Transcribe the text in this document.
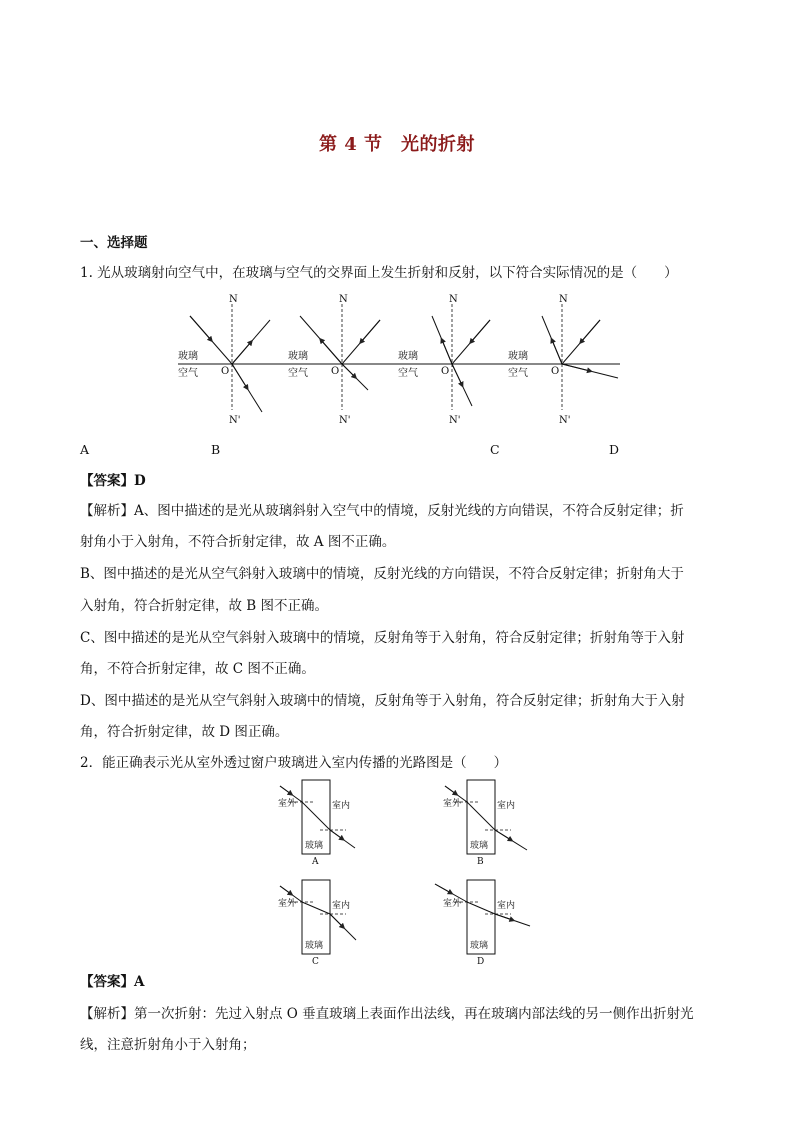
第 4 节　光的折射
一、选择题
1. 光从玻璃射向空气中，在玻璃与空气的交界面上发生折射和反射，以下符合实际情况的是（　　）
N
N'
O
玻璃
空气
N
N'
O
玻璃
空气
N
N'
O
玻璃
空气
N
N'
O
玻璃
空气
A	B	C	D
【答案】D
【解析】A、图中描述的是光从玻璃斜射入空气中的情境，反射光线的方向错误，不符合反射定律；折
射角小于入射角，不符合折射定律，故 A 图不正确。
B、图中描述的是光从空气斜射入玻璃中的情境，反射光线的方向错误，不符合反射定律；折射角大于
入射角，符合折射定律，故 B 图不正确。
C、图中描述的是光从空气斜射入玻璃中的情境，反射角等于入射角，符合反射定律；折射角等于入射
角，不符合折射定律，故 C 图不正确。
D、图中描述的是光从空气斜射入玻璃中的情境，反射角等于入射角，符合反射定律；折射角大于入射
角，符合折射定律，故 D 图正确。
2．能正确表示光从室外透过窗户玻璃进入室内传播的光路图是（　　）
室外	室内
玻璃
A
室外	室内
玻璃
B
室外	室内
玻璃
C
室外	室内
玻璃
D
【答案】A
【解析】第一次折射：先过入射点 O 垂直玻璃上表面作出法线，再在玻璃内部法线的另一侧作出折射光
线，注意折射角小于入射角；
